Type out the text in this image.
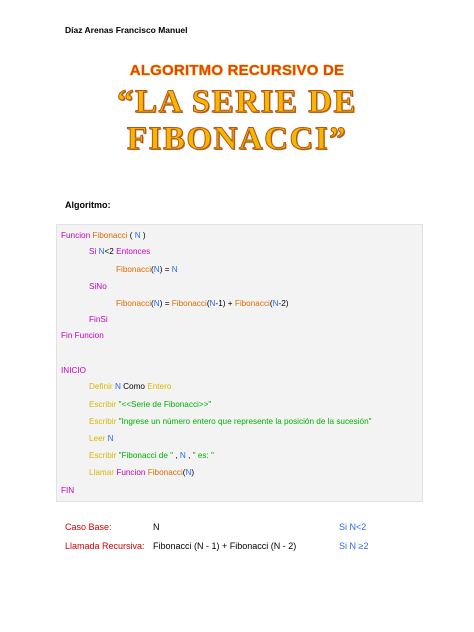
Díaz Arenas Francisco Manuel
ALGORITMO RECURSIVO DE
“LA SERIE DE
FIBONACCI”
Algoritmo:
Funcion Fibonacci ( N )
Si N<2 Entonces
Fibonacci(N) = N
SiNo
Fibonacci(N) = Fibonacci(N-1) + Fibonacci(N-2)
FinSi
Fin Funcion
INICIO
Definir N Como Entero
Escribir "<<Serie de Fibonacci>>"
Escribir "Ingrese un número entero que represente la posición de la sucesión"
Leer N
Escribir "Fibonacci de " , N , " es: "
Llamar Funcion Fibonacci(N)
FIN
Caso Base:	N	Si N<2
Llamada Recursiva: Fibonacci (N - 1) + Fibonacci (N - 2)	Si N ≥2
